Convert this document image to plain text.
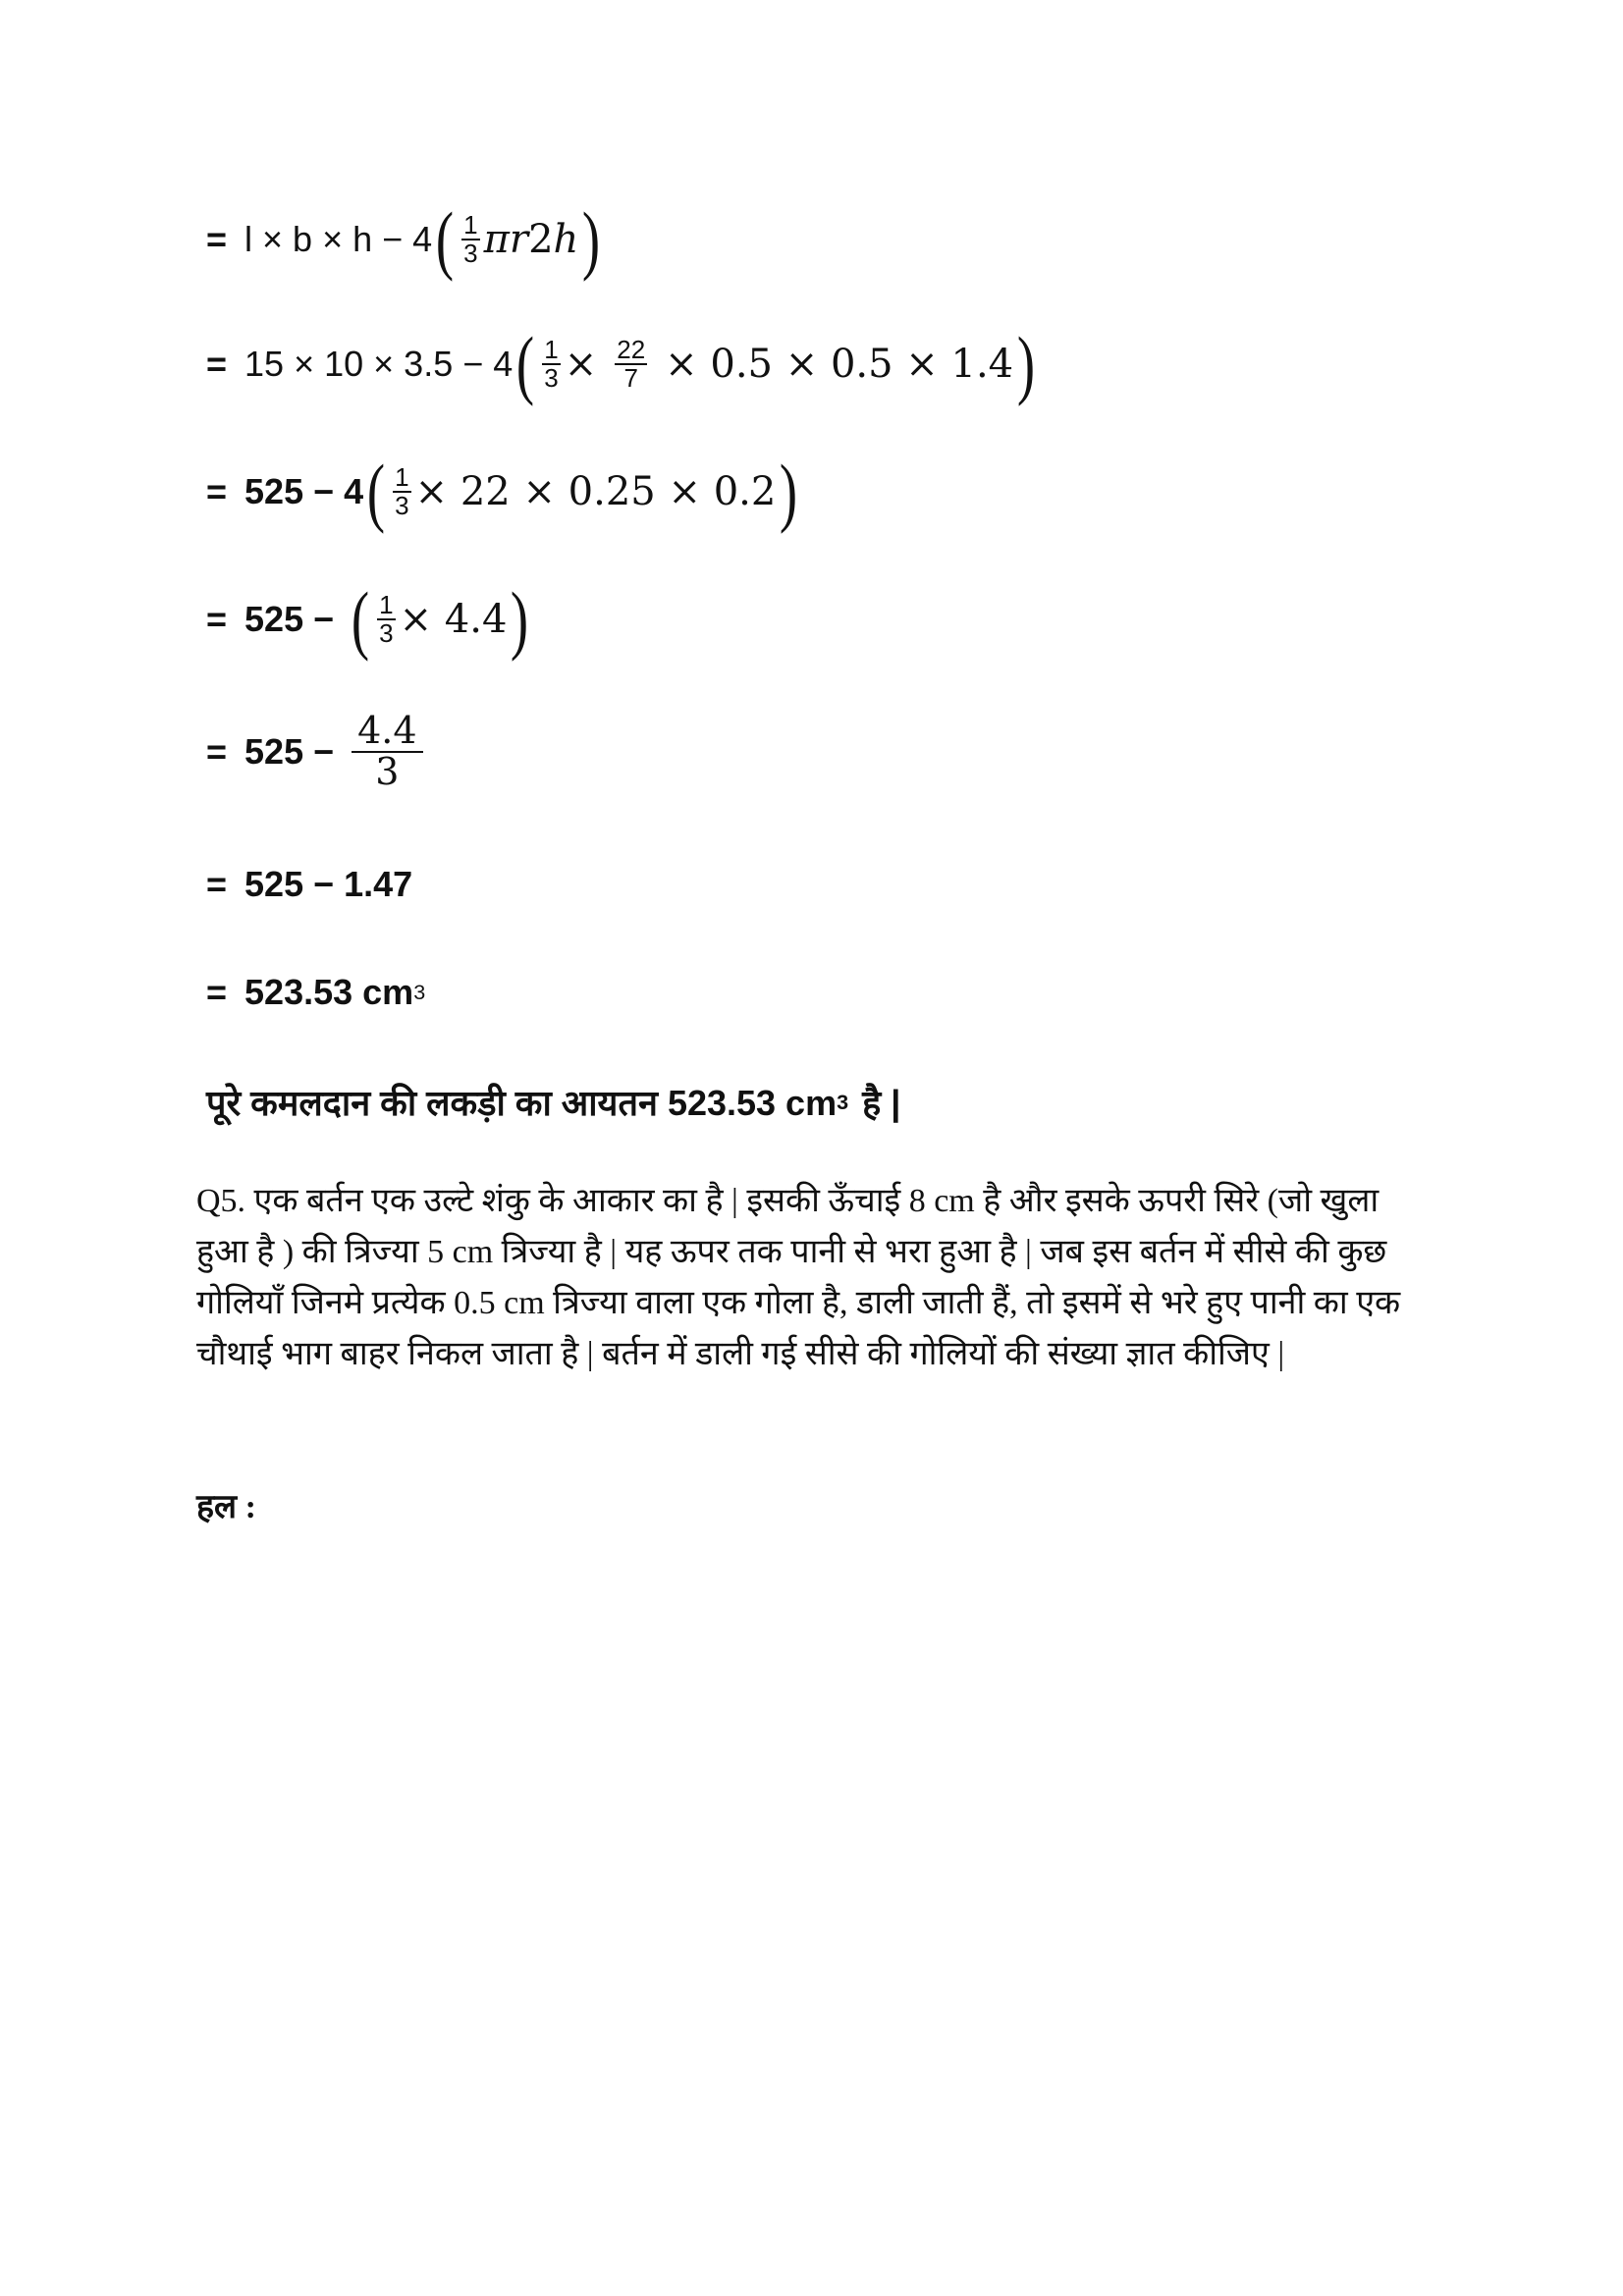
= l × b × h − 4 ( $\frac{1}{3}$ πr 2 h )
= 15 × 10 × 3.5 − 4 ( $\frac{1}{3} \times \frac{22}{7} \times 0.5 \times 0.5 \times 1.4$ )
= 525 − 4 ( $\frac{1}{3} \times 22 \times 0.25 \times 0.2$ )
= 525 − ( $\frac{1}{3} \times 4.4$ )
= $525 - \frac{4.4}{3}$
= 525 − 1.47
= 523.53 cm 3
पूरे कमलदान की लकड़ी का आयतन 523.53 cm 3 है |
Q5. एक बर्तन एक उल्टे शंकु के आकार का है | इसकी ऊँचाई 8 cm है और इसके ऊपरी सिरे (जो खुला हुआ है ) की त्रिज्या 5 cm त्रिज्या है | यह ऊपर तक पानी से भरा हुआ है | जब इस बर्तन में सीसे की कुछ गोलियाँ जिनमे प्रत्येक 0.5 cm त्रिज्या वाला एक गोला है, डाली जाती हैं, तो इसमें से भरे हुए पानी का एक चौथाई भाग बाहर निकल जाता है | बर्तन में डाली गई सीसे की गोलियों की संख्या ज्ञात कीजिए |
हल :
